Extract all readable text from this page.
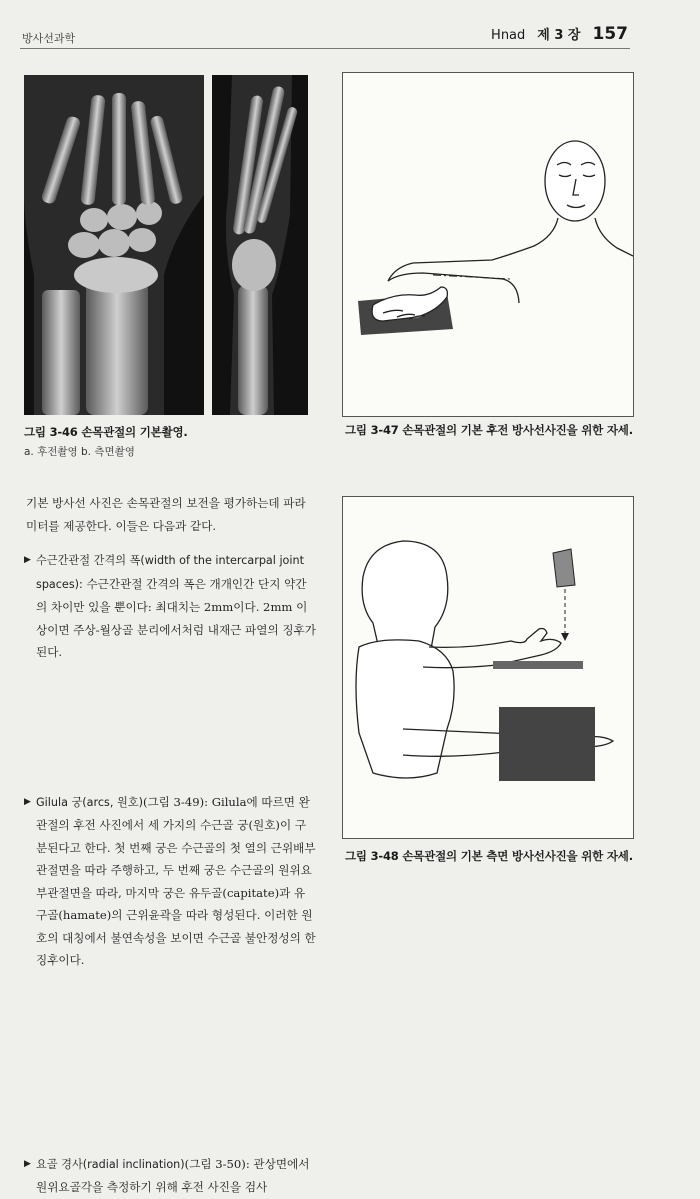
방사선과학	Hnad 제 3 장 157
그림 3-46 손목관절의 기본촬영.
a. 후전촬영 b. 측면촬영
그림 3-47 손목관절의 기본 후전 방사선사진을 위한 자세.
그림 3-48 손목관절의 기본 측면 방사선사진을 위한 자세.
기본 방사선 사진은 손목관절의 보전을 평가하는데 파라미터를 제공한다. 이들은 다음과 같다.
▶ 수근간관절 간격의 폭(width of the intercarpal joint spaces): 수근간관절 간격의 폭은 개개인간 단지 약간의 차이만 있을 뿐이다: 최대치는 2mm이다. 2mm 이상이면 주상-월상골 분리에서처럼 내재근 파열의 징후가 된다.
▶ Gilula 궁(arcs, 원호)(그림 3-49): Gilula에 따르면 완관절의 후전 사진에서 세 가지의 수근골 궁(원호)이 구분된다고 한다. 첫 번째 궁은 수근골의 첫 열의 근위배부관절면을 따라 주행하고, 두 번째 궁은 수근골의 원위요부관절면을 따라, 마지막 궁은 유두골(capitate)과 유구골(hamate)의 근위윤곽을 따라 형성된다. 이러한 원호의 대칭에서 불연속성을 보이면 수근골 불안정성의 한 징후이다.
▶ 요골 경사(radial inclination)(그림 3-50): 관상면에서 원위요골각을 측정하기 위해 후전 사진을 검사
